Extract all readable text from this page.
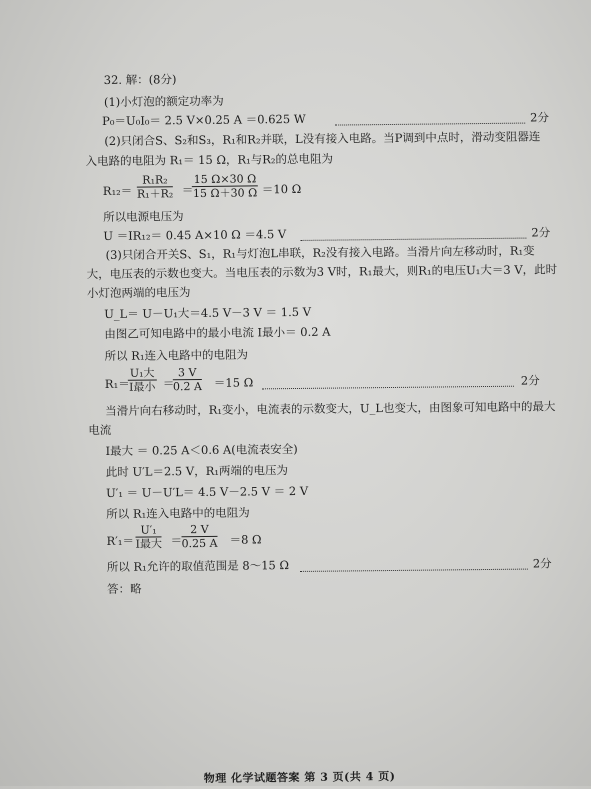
32. 解：(8分)
(1)小灯泡的额定功率为
P₀＝U₀I₀＝ 2.5 V×0.25 A ＝0.625 W	2分
(2)只闭合S、S₂和S₃，R₁和R₂并联，L没有接入电路。当P调到中点时，滑动变阻器连
入电路的电阻为 R₁＝ 15 Ω，R₁与R₂的总电阻为
$R_{12}= \frac{\text{R₁R₂}}{\text{R₁＋R₂}}$ ＝
$\frac{15 \Omega\times 30 \Omega}{15 \Omega+30 \Omega} =10$ Ω
所以电源电压为
U ＝IR₁₂＝ 0.45 A×10 Ω ＝4.5 V	2分
(3)只闭合开关S、S₁，R₁与灯泡L串联，R₂没有接入电路。当滑片向左移动时，R₁变
大，电压表的示数也变大。当电压表的示数为3 V时，R₁最大，则R₁的电压U₁大＝3 V，此时
小灯泡两端的电压为
U_L＝ U－U₁大＝4.5 V－3 V ＝ 1.5 V
由图乙可知电路中的最小电流 I最小＝ 0.2 A
所以 R₁连入电路中的电阻为
R₁＝
U₁大
I最小 ＝
$\frac{3 V}{0.2 A} =15$ Ω	2分
当滑片向右移动时，R₁变小，电流表的示数变大，U_L也变大，由图象可知电路中的最大
电流
I最大 ＝ 0.25 A＜0.6 A(电流表安全)
此时 U′L＝2.5 V，R₁两端的电压为
U′₁ ＝ U－U′L＝ 4.5 V－2.5 V ＝ 2 V
所以 R₁连入电路中的电阻为
R′₁＝
U′₁
I最大 ＝ $\frac{2 V}{0.25 A} =8$ Ω
所以 R₁允许的取值范围是 8～15 Ω	2分
答：略
物理 化学试题答案 第 3 页(共 4 页)
